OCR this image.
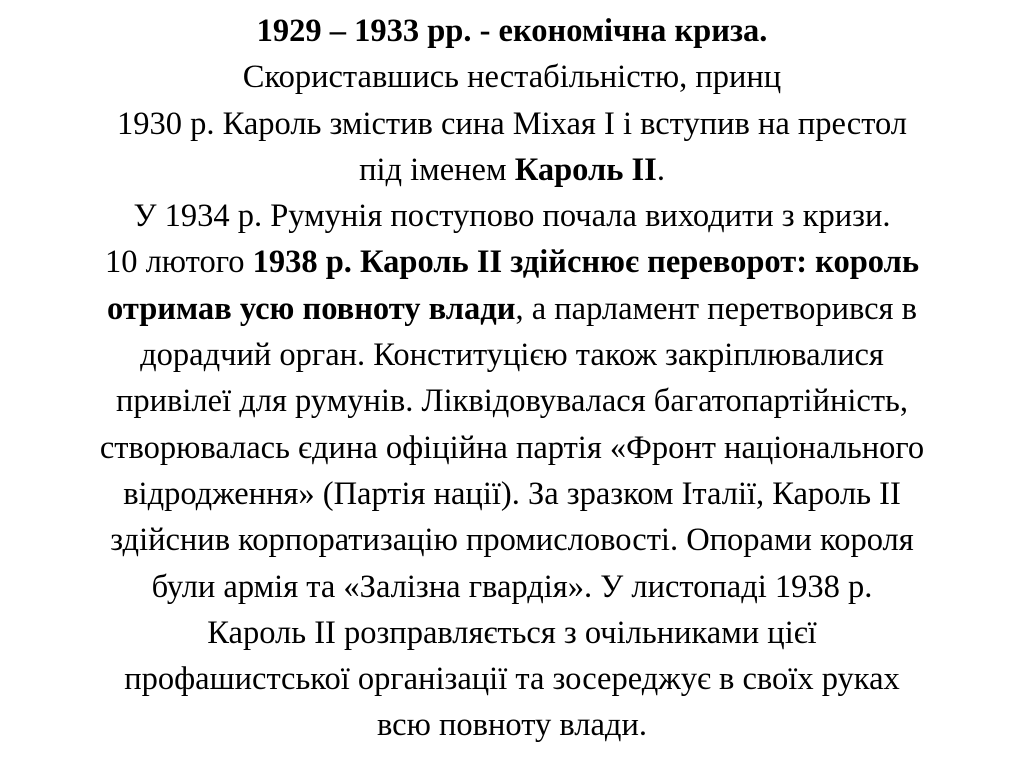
1929 – 1933 рр. - економічна криза.
Скориставшись нестабільністю, принц
1930 р. Кароль змістив сина Міхая І і вступив на престол
під іменем Кароль ІІ.
У 1934 р. Румунія поступово почала виходити з кризи.
10 лютого 1938 р. Кароль ІІ здійснює переворот: король
отримав усю повноту влади, а парламент перетворився в
дорадчий орган. Конституцією також закріплювалися
привілеї для румунів. Ліквідовувалася багатопартійність,
створювалась єдина офіційна партія «Фронт національного
відродження» (Партія нації). За зразком Італії, Кароль ІІ
здійснив корпоратизацію промисловості. Опорами короля
були армія та «Залізна гвардія». У листопаді 1938 р.
Кароль ІІ розправляється з очільниками цієї
профашистської організації та зосереджує в своїх руках
всю повноту влади.
